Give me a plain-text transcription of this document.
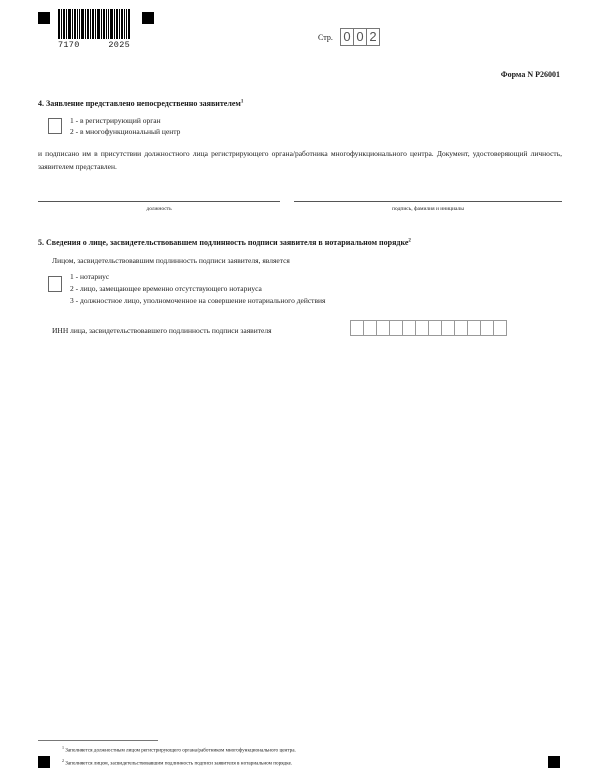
7170	2025
Стр. 0 0 2
Форма N Р26001
4. Заявление представлено непосредственно заявителем$^1$
1 - в регистрирующий орган
2 - в многофункциональный центр
и подписано им в присутствии должностного лица регистрирующего органа/работника многофункционального центра. Документ, удостоверяющий личность, заявителем представлен.
должность	подпись, фамилия и инициалы
5. Сведения о лице, засвидетельствовавшем подлинность подписи заявителя в нотариальном порядке$^2$
Лицом, засвидетельствовавшим подлинность подписи заявителя, является
1 - нотариус
2 - лицо, замещающее временно отсутствующего нотариуса
3 - должностное лицо, уполномоченное на совершение нотариального действия
ИНН лица, засвидетельствовавшего подлинность подписи заявителя
$^1$ Заполняется должностным лицом регистрирующего органа/работником многофункционального центра.
$^2$ Заполняется лицом, засвидетельствовавшим подлинность подписи заявителя в нотариальном порядке.
